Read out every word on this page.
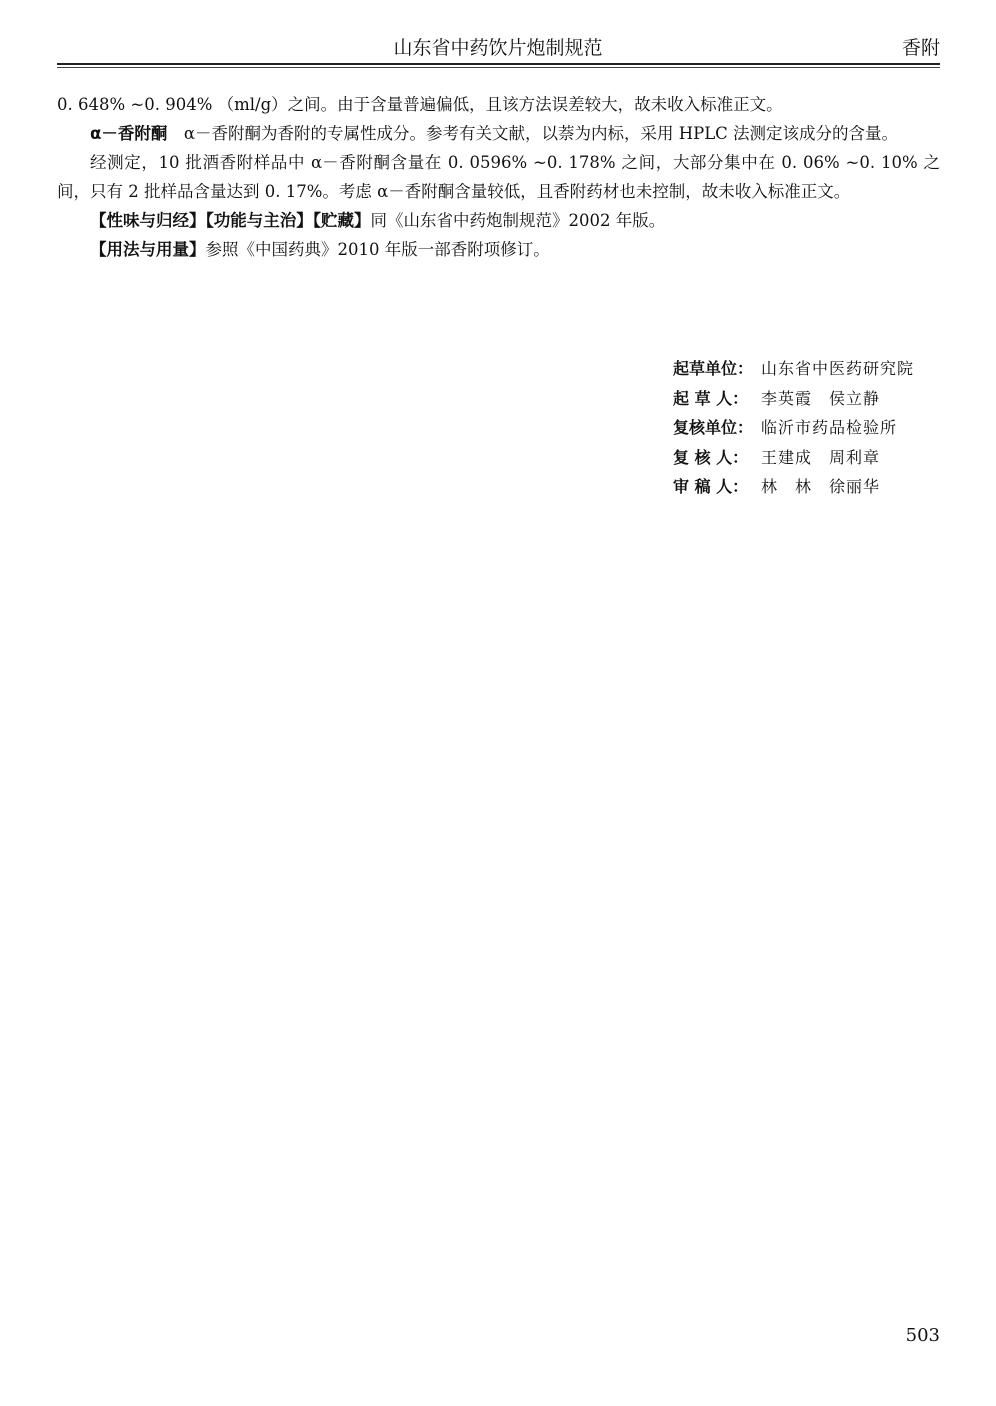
山东省中药饮片炮制规范	香附

0. 648% ~0. 904% （ml/g）之间。由于含量普遍偏低，且该方法误差较大，故未收入标准正文。

α－香附酮　α－香附酮为香附的专属性成分。参考有关文献，以萘为内标，采用 HPLC 法测定该成分的含量。

经测定，10 批酒香附样品中 α－香附酮含量在 0. 0596% ~0. 178% 之间，大部分集中在 0. 06% ~0. 10% 之间，只有 2 批样品含量达到 0. 17%。考虑 α－香附酮含量较低，且香附药材也未控制，故未收入标准正文。

【性味与归经】【功能与主治】【贮藏】同《山东省中药炮制规范》2002 年版。

【用法与用量】参照《中国药典》2010 年版一部香附项修订。

起草单位： 山东省中医药研究院
起 草 人： 李英霞　侯立静
复核单位： 临沂市药品检验所
复 核 人： 王建成　周利章
审 稿 人： 林　林　徐丽华
503
